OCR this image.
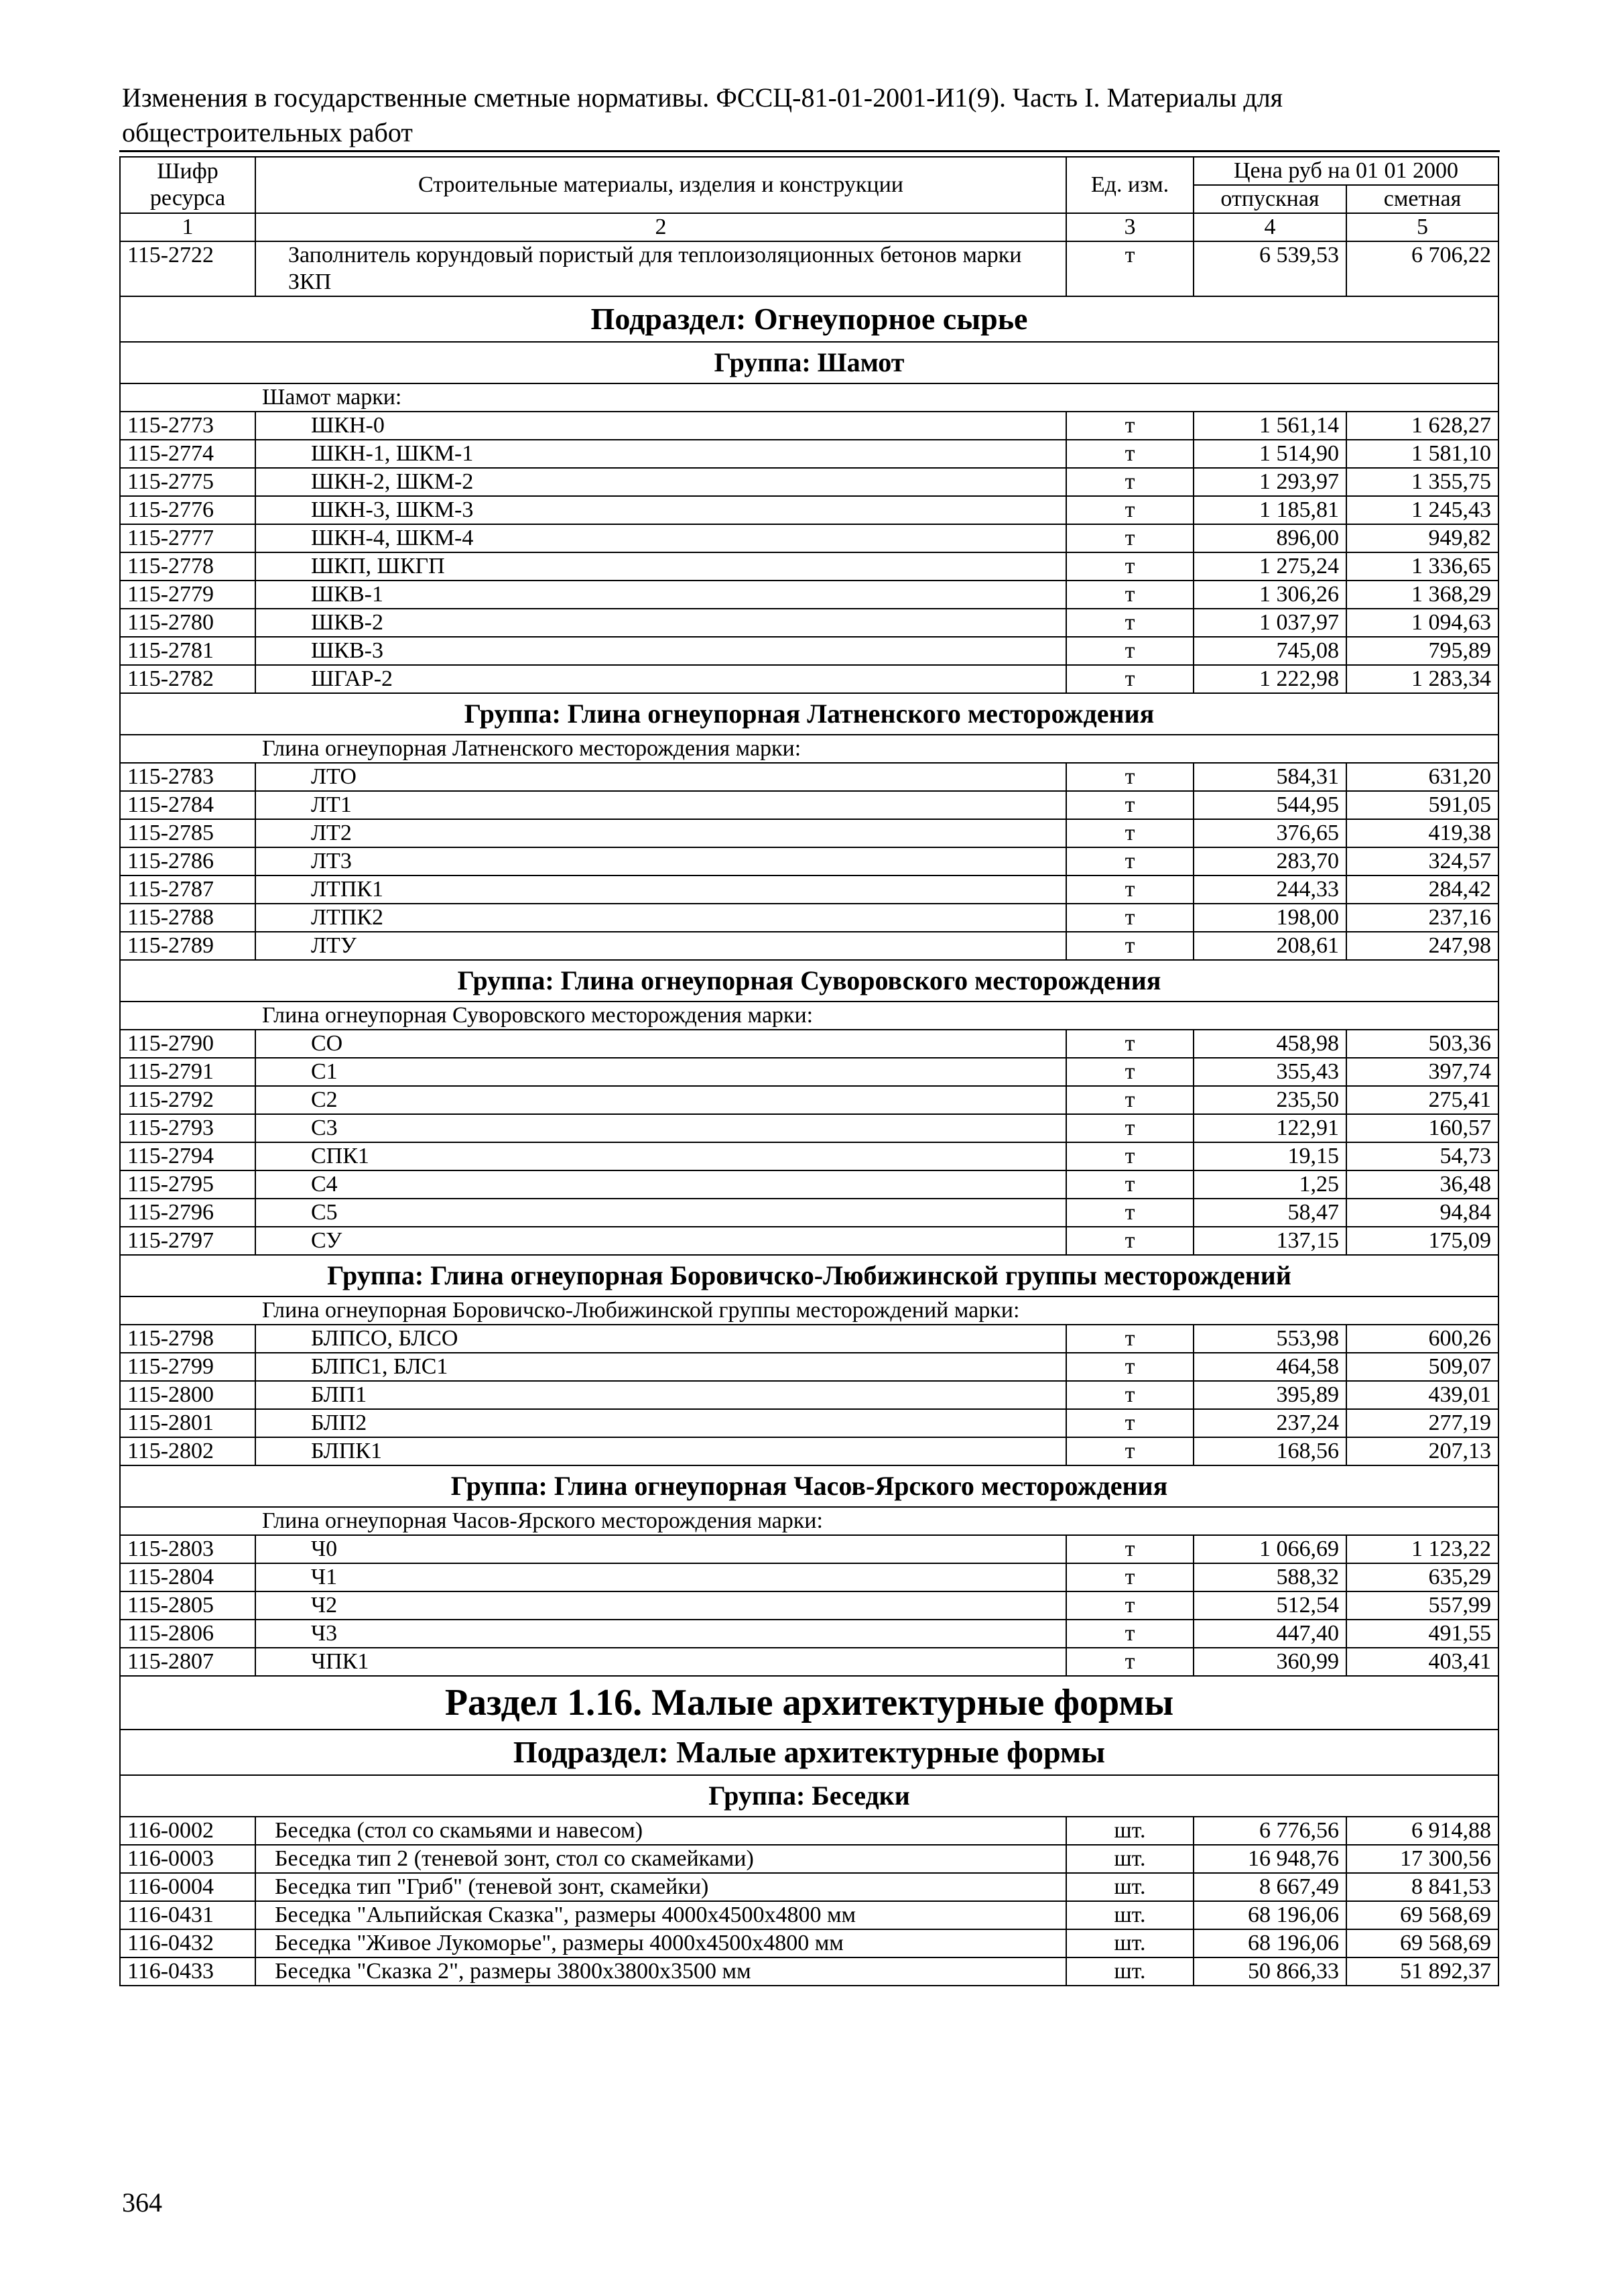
Изменения в государственные сметные нормативы. ФССЦ-81-01-2001-И1(9). Часть I. Материалы для общестроительных работ
Шифр ресурса	Строительные материалы, изделия и конструкции	Ед. изм.	Цена руб на 01 01 2000	
			отпускная	сметная
1	2	3	4	5
115-2722	Заполнитель корундовый пористый для теплоизоляционных бетонов марки ЗКП	т	6 539,53	6 706,22
Подраздел: Огнеупорное сырье				
Группа: Шамот				
	Шамот марки:			
115-2773	ШКН-0	т	1 561,14	1 628,27
115-2774	ШКН-1, ШКМ-1	т	1 514,90	1 581,10
115-2775	ШКН-2, ШКМ-2	т	1 293,97	1 355,75
115-2776	ШКН-3, ШКМ-3	т	1 185,81	1 245,43
115-2777	ШКН-4, ШКМ-4	т	896,00	949,82
115-2778	ШКП, ШКГП	т	1 275,24	1 336,65
115-2779	ШКВ-1	т	1 306,26	1 368,29
115-2780	ШКВ-2	т	1 037,97	1 094,63
115-2781	ШКВ-3	т	745,08	795,89
115-2782	ШГАР-2	т	1 222,98	1 283,34
Группа: Глина огнеупорная Латненского месторождения				
	Глина огнеупорная Латненского месторождения марки:			
115-2783	ЛТО	т	584,31	631,20
115-2784	ЛТ1	т	544,95	591,05
115-2785	ЛТ2	т	376,65	419,38
115-2786	ЛТ3	т	283,70	324,57
115-2787	ЛТПК1	т	244,33	284,42
115-2788	ЛТПК2	т	198,00	237,16
115-2789	ЛТУ	т	208,61	247,98
Группа: Глина огнеупорная Суворовского месторождения				
	Глина огнеупорная Суворовского месторождения марки:			
115-2790	СО	т	458,98	503,36
115-2791	С1	т	355,43	397,74
115-2792	С2	т	235,50	275,41
115-2793	С3	т	122,91	160,57
115-2794	СПК1	т	19,15	54,73
115-2795	С4	т	1,25	36,48
115-2796	С5	т	58,47	94,84
115-2797	СУ	т	137,15	175,09
Группа: Глина огнеупорная Боровичско-Любижинской группы месторождений				
	Глина огнеупорная Боровичско-Любижинской группы месторождений марки:			
115-2798	БЛПСО, БЛСО	т	553,98	600,26
115-2799	БЛПС1, БЛС1	т	464,58	509,07
115-2800	БЛП1	т	395,89	439,01
115-2801	БЛП2	т	237,24	277,19
115-2802	БЛПК1	т	168,56	207,13
Группа: Глина огнеупорная Часов-Ярского месторождения				
	Глина огнеупорная Часов-Ярского месторождения марки:			
115-2803	Ч0	т	1 066,69	1 123,22
115-2804	Ч1	т	588,32	635,29
115-2805	Ч2	т	512,54	557,99
115-2806	Ч3	т	447,40	491,55
115-2807	ЧПК1	т	360,99	403,41
Раздел 1.16. Малые архитектурные формы				
Подраздел: Малые архитектурные формы				
Группа: Беседки				
116-0002	Беседка (стол со скамьями и навесом)	шт.	6 776,56	6 914,88
116-0003	Беседка тип 2 (теневой зонт, стол со скамейками)	шт.	16 948,76	17 300,56
116-0004	Беседка тип "Гриб" (теневой зонт, скамейки)	шт.	8 667,49	8 841,53
116-0431	Беседка "Альпийская Сказка", размеры 4000х4500х4800 мм	шт.	68 196,06	69 568,69
116-0432	Беседка "Живое Лукоморье", размеры 4000х4500х4800 мм	шт.	68 196,06	69 568,69
116-0433	Беседка "Сказка 2", размеры 3800х3800х3500 мм	шт.	50 866,33	51 892,37
364
